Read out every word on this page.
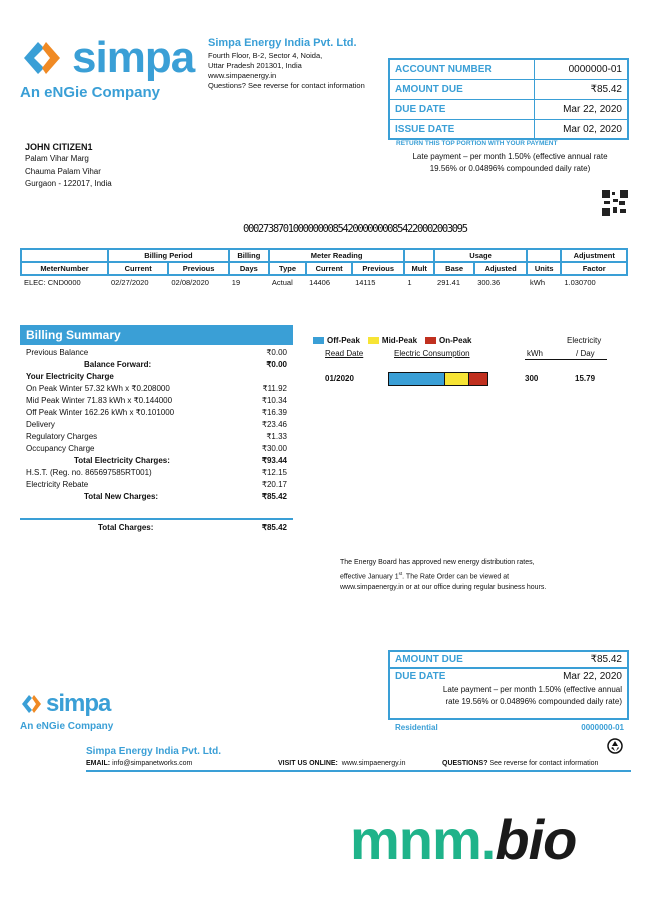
simpa
An eNGie Company
Simpa Energy India Pvt. Ltd.
Fourth Floor, B-2, Sector 4, Noida,
Uttar Pradesh 201301, India
www.simpaenergy.in
Questions? See reverse for contact information
ACCOUNT NUMBER	0000000-01
AMOUNT DUE	₹85.42
DUE DATE	Mar 22, 2020
ISSUE DATE	Mar 02, 2020
RETURN THIS TOP PORTION WITH YOUR PAYMENT
Late payment – per month 1.50% (effective annual rate
19.56% or 0.04896% compounded daily rate)
JOHN CITIZEN1
Palam Vihar Marg
Chauma Palam Vihar
Gurgaon - 122017, India
000273870100000000854200000000854220002003095
	Billing Period		Billing	Meter Reading				Usage			Adjustment
MeterNumber	Current	Previous	Days	Type	Current	Previous	Mult	Base	Adjusted	Units	Factor
ELEC: CND0000	02/27/2020	02/08/2020	19	Actual	14406	14115	1	291.41	300.36	kWh	1.030700
Billing Summary
Previous Balance	₹0.00
Balance Forward:	₹0.00
Your Electricity Charge
On Peak Winter 57.32 kWh x ₹0.208000	₹11.92
Mid Peak Winter 71.83 kWh x ₹0.144000	₹10.34
Off Peak Winter 162.26 kWh x ₹0.101000	₹16.39
Delivery	₹23.46
Regulatory Charges	₹1.33
Occupancy Charge	₹30.00
Total Electricity Charges:	₹93.44
H.S.T. (Reg. no. 865697585RT001)	₹12.15
Electricity Rebate	₹20.17
Total New Charges:	₹85.42
Total Charges:	₹85.42
Off-Peak	Mid-Peak	On-Peak	Electricity
Read Date	Electric Consumption	kWh	/ Day
01/2020	300	15.79
The Energy Board has approved new energy distribution rates,
effective January 1st. The Rate Order can be viewed at
www.simpaenergy.in or at our office during regular business hours.
AMOUNT DUE	₹85.42
DUE DATE	Mar 22, 2020
Late payment – per month 1.50% (effective annual
rate 19.56% or 0.04896% compounded daily rate)
Residential	0000000-01
simpa
An eNGie Company
Simpa Energy India Pvt. Ltd.
EMAIL: info@simpanetworks.com	VISIT US ONLINE: www.simpaenergy.in	QUESTIONS? See reverse for contact information
mnm.bio
